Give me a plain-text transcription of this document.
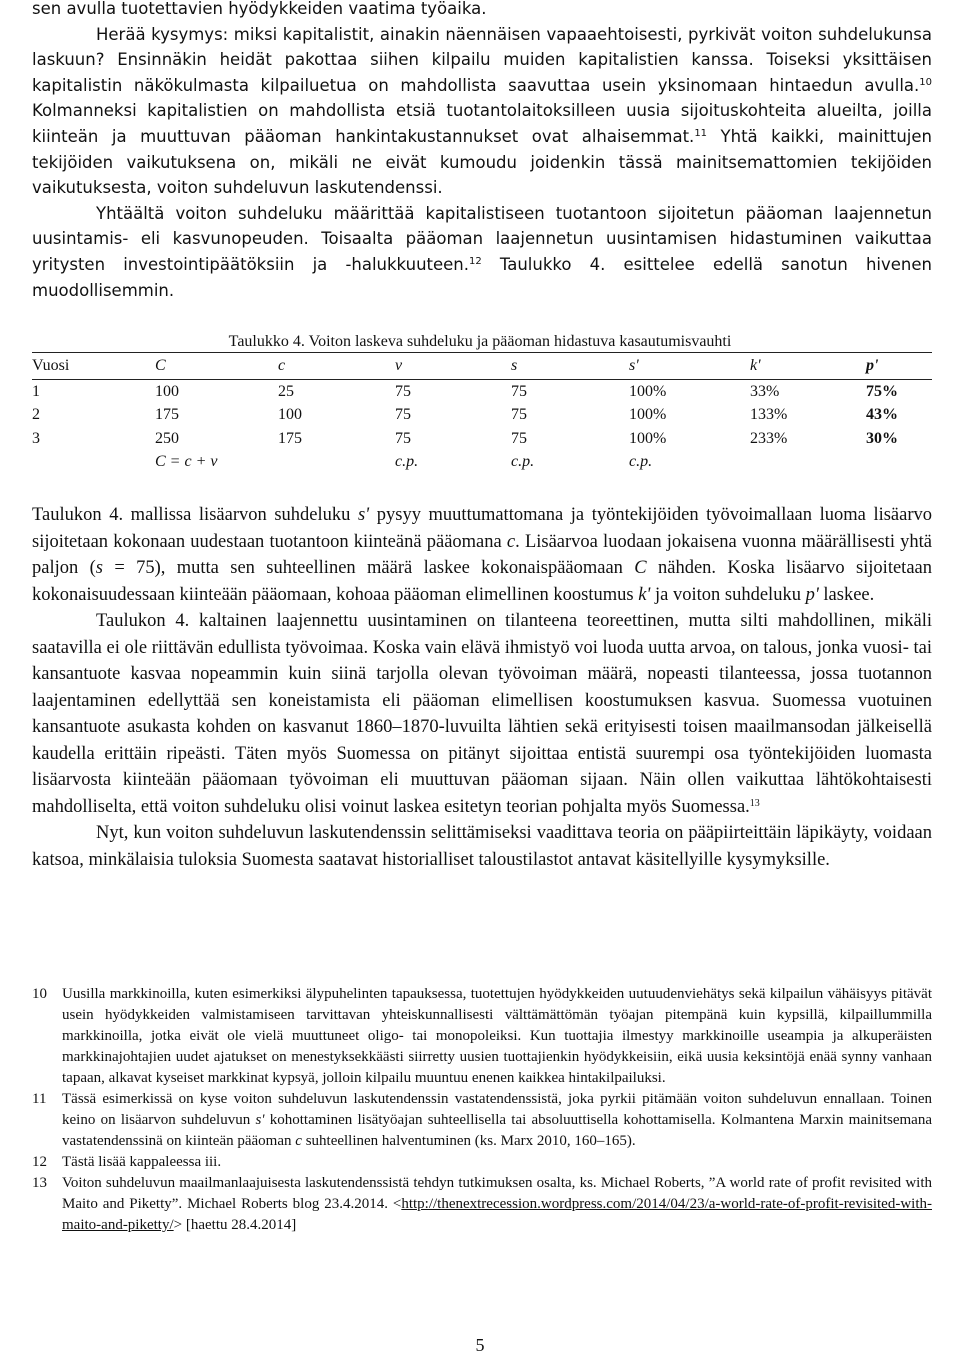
sen avulla tuotettavien hyödykkeiden vaatima työaika.

Herää kysymys: miksi kapitalistit, ainakin näennäisen vapaaehtoisesti, pyrkivät voiton suhdelukunsa laskuun? Ensinnäkin heidät pakottaa siihen kilpailu muiden kapitalistien kanssa. Toiseksi yksittäisen kapitalistin näkökulmasta kilpailuetua on mahdollista saavuttaa usein yksinomaan hintaedun avulla.$^{10}$ Kolmanneksi kapitalistien on mahdollista etsiä tuotantolaitoksilleen uusia sijoituskohteita alueilta, joilla kiinteän ja muuttuvan pääoman hankintakustannukset ovat alhaisemmat.$^{11}$ Yhtä kaikki, mainittujen tekijöiden vaikutuksena on, mikäli ne eivät kumoudu joidenkin tässä mainitsemattomien tekijöiden vaikutuksesta, voiton suhdeluvun laskutendenssi.

Yhtäältä voiton suhdeluku määrittää kapitalistiseen tuotantoon sijoitetun pääoman laajennetun uusintamis- eli kasvunopeuden. Toisaalta pääoman laajennetun uusintamisen hidastuminen vaikuttaa yritysten investointipäätöksiin ja -halukkuuteen.$^{12}$ Taulukko 4. esittelee edellä sanotun hivenen muodollisemmin.

Taulukko 4. Voiton laskeva suhdeluku ja pääoman hidastuva kasautumisvauhti

Vuosi	C	c	v	s	s'	k'	p'
1	100	25	75	75	100%	33%	75%
2	175	100	75	75	100%	133%	43%
3	250	175	75	75	100%	233%	30%
	C = c + v		c.p.	c.p.	c.p.		

Taulukon 4. mallissa lisäarvon suhdeluku s' pysyy muuttumattomana ja työntekijöiden työvoimallaan luoma lisäarvo sijoitetaan kokonaan uudestaan tuotantoon kiinteänä pääomana c. Lisäarvoa luodaan jokaisena vuonna määrällisesti yhtä paljon (s = 75), mutta sen suhteellinen määrä laskee kokonaispääomaan C nähden. Koska lisäarvo sijoitetaan kokonaisuudessaan kiinteään pääomaan, kohoaa pääoman elimellinen koostumus k' ja voiton suhdeluku p' laskee.

Taulukon 4. kaltainen laajennettu uusintaminen on tilanteena teoreettinen, mutta silti mahdollinen, mikäli saatavilla ei ole riittävän edullista työvoimaa. Koska vain elävä ihmistyö voi luoda uutta arvoa, on talous, jonka vuosi- tai kansantuote kasvaa nopeammin kuin siinä tarjolla olevan työvoiman määrä, nopeasti tilanteessa, jossa tuotannon laajentaminen edellyttää sen koneistamista eli pääoman elimellisen koostumuksen kasvua. Suomessa vuotuinen kansantuote asukasta kohden on kasvanut 1860–1870-luvuilta lähtien sekä erityisesti toisen maailmansodan jälkeisellä kaudella erittäin ripeästi. Täten myös Suomessa on pitänyt sijoittaa entistä suurempi osa työntekijöiden luomasta lisäarvosta kiinteään pääomaan työvoiman eli muuttuvan pääoman sijaan. Näin ollen vaikuttaa lähtökohtaisesti mahdolliselta, että voiton suhdeluku olisi voinut laskea esitetyn teorian pohjalta myös Suomessa.$^{13}$

Nyt, kun voiton suhdeluvun laskutendenssin selittämiseksi vaadittava teoria on pääpiirteittäin läpikäyty, voidaan katsoa, minkälaisia tuloksia Suomesta saatavat historialliset taloustilastot antavat käsitellyille kysymyksille.

10	Uusilla markkinoilla, kuten esimerkiksi älypuhelinten tapauksessa, tuotettujen hyödykkeiden uutuudenviehätys sekä kilpailun vähäisyys pitävät usein hyödykkeiden valmistamiseen tarvittavan yhteiskunnallisesti välttämättömän työajan pitempänä kuin kypsillä, kilpaillummilla markkinoilla, jotka eivät ole vielä muuttuneet oligo- tai monopoleiksi. Kun tuottajia ilmestyy markkinoille useampia ja alkuperäisten markkinajohtajien uudet ajatukset on menestyksekkäästi siirretty uusien tuottajienkin hyödykkeisiin, eikä uusia keksintöjä enää synny vanhaan tapaan, alkavat kyseiset markkinat kypsyä, jolloin kilpailu muuntuu enenen kaikkea hintakilpailuksi.
11	Tässä esimerkissä on kyse voiton suhdeluvun laskutendenssin vastatendenssistä, joka pyrkii pitämään voiton suhdeluvun ennallaan. Toinen keino on lisäarvon suhdeluvun s' kohottaminen lisätyöajan suhteellisella tai absoluuttisella kohottamisella. Kolmantena Marxin mainitsemana vastatendenssinä on kiinteän pääoman c suhteellinen halventuminen (ks. Marx 2010, 160–165).
12	Tästä lisää kappaleessa iii.
13	Voiton suhdeluvun maailmanlaajuisesta laskutendenssistä tehdyn tutkimuksen osalta, ks. Michael Roberts, ”A world rate of profit revisited with Maito and Piketty”. Michael Roberts blog 23.4.2014. <http://thenextrecession.wordpress.com/2014/04/23/a-world-rate-of-profit-revisited-with-maito-and-piketty/> [haettu 28.4.2014]
5
